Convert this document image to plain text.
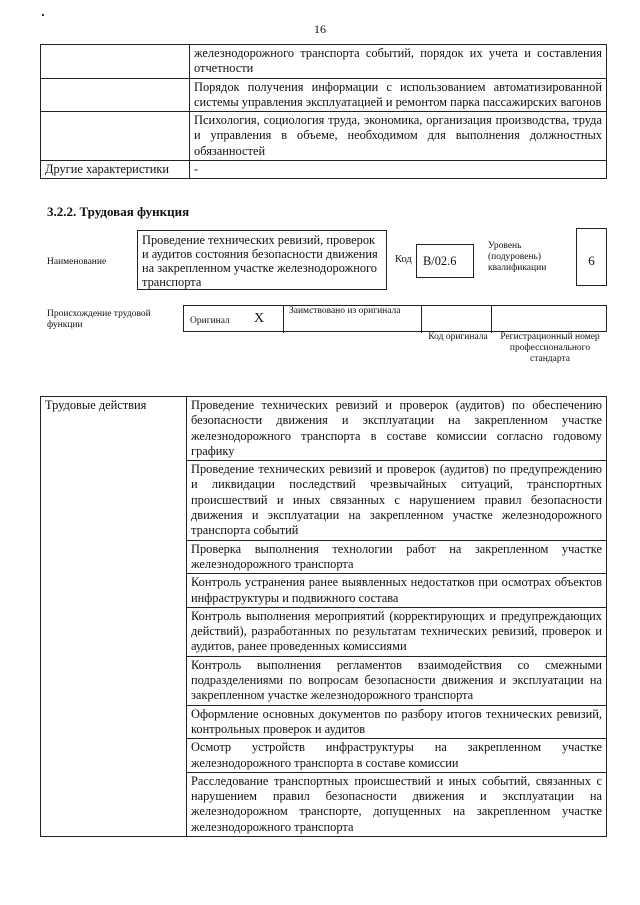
16
	железнодорожного транспорта событий, порядок их учета и составления отчетности
	Порядок получения информации с использованием автоматизированной системы управления эксплуатацией и ремонтом парка пассажирских вагонов
	Психология, социология труда, экономика, организация производства, труда и управления в объеме, необходимом для выполнения должностных обязанностей
Другие характеристики	-
3.2.2. Трудовая функция
Наименование
Проведение технических ревизий, проверок и аудитов состояния безопасности движения на закрепленном участке железнодорожного транспорта
Код B/02.6
Уровень (подуровень) квалификации	6
Происхождение трудовой функции	Оригинал X	Заимствовано из оригинала
Код оригинала	Регистрационный номер профессионального стандарта
Трудовые действия	Проведение технических ревизий и проверок (аудитов) по обеспечению безопасности движения и эксплуатации на закрепленном участке железнодорожного транспорта в составе комиссии согласно годовому графику
Проведение технических ревизий и проверок (аудитов) по предупреждению и ликвидации последствий чрезвычайных ситуаций, транспортных происшествий и иных связанных с нарушением правил безопасности движения и эксплуатации на закрепленном участке железнодорожного транспорта событий
Проверка выполнения технологии работ на закрепленном участке железнодорожного транспорта
Контроль устранения ранее выявленных недостатков при осмотрах объектов инфраструктуры и подвижного состава
Контроль выполнения мероприятий (корректирующих и предупреждающих действий), разработанных по результатам технических ревизий, проверок и аудитов, ранее проведенных комиссиями
Контроль выполнения регламентов взаимодействия со смежными подразделениями по вопросам безопасности движения и эксплуатации на закрепленном участке железнодорожного транспорта
Оформление основных документов по разбору итогов технических ревизий, контрольных проверок и аудитов
Осмотр устройств инфраструктуры на закрепленном участке железнодорожного транспорта в составе комиссии
Расследование транспортных происшествий и иных событий, связанных с нарушением правил безопасности движения и эксплуатации на железнодорожном транспорте, допущенных на закрепленном участке железнодорожного транспорта
